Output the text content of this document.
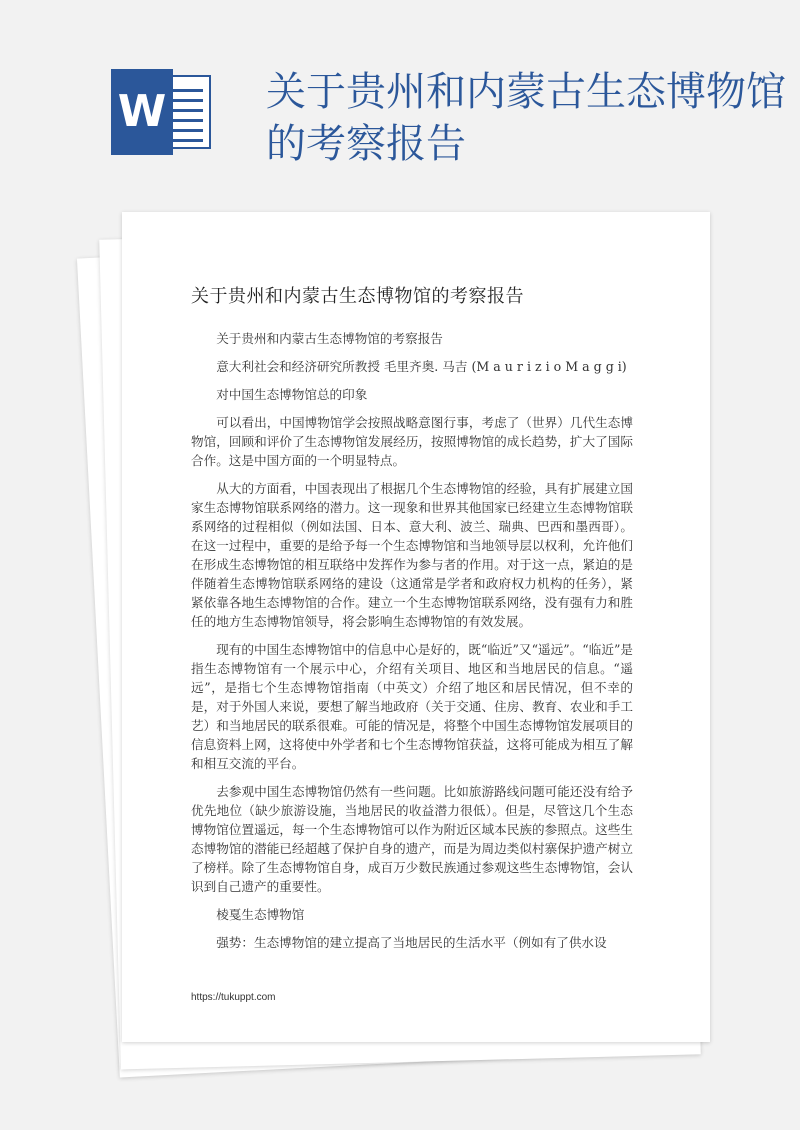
W 关于贵州和内蒙古生态博物馆的考察报告
关于贵州和内蒙古生态博物馆的考察报告

关于贵州和内蒙古生态博物馆的考察报告

意大利社会和经济研究所教授 毛里齐奥. 马吉 (M a u r i z i o M a g g i)

对中国生态博物馆总的印象

可以看出，中国博物馆学会按照战略意图行事，考虑了（世界）几代生态博物馆，回顾和评价了生态博物馆发展经历，按照博物馆的成长趋势，扩大了国际合作。这是中国方面的一个明显特点。

从大的方面看，中国表现出了根据几个生态博物馆的经验，具有扩展建立国家生态博物馆联系网络的潜力。这一现象和世界其他国家已经建立生态博物馆联系网络的过程相似（例如法国、日本、意大利、波兰、瑞典、巴西和墨西哥）。在这一过程中，重要的是给予每一个生态博物馆和当地领导层以权利，允许他们在形成生态博物馆的相互联络中发挥作为参与者的作用。对于这一点，紧迫的是伴随着生态博物馆联系网络的建设（这通常是学者和政府权力机构的任务），紧紧依靠各地生态博物馆的合作。建立一个生态博物馆联系网络，没有强有力和胜任的地方生态博物馆领导，将会影响生态博物馆的有效发展。

现有的中国生态博物馆中的信息中心是好的，既“临近”又“遥远”。“临近”是指生态博物馆有一个展示中心，介绍有关项目、地区和当地居民的信息。“遥远”，是指七个生态博物馆指南（中英文）介绍了地区和居民情况，但不幸的是，对于外国人来说，要想了解当地政府（关于交通、住房、教育、农业和手工艺）和当地居民的联系很难。可能的情况是，将整个中国生态博物馆发展项目的信息资料上网，这将使中外学者和七个生态博物馆获益，这将可能成为相互了解和相互交流的平台。

去参观中国生态博物馆仍然有一些问题。比如旅游路线问题可能还没有给予优先地位（缺少旅游设施，当地居民的收益潜力很低）。但是，尽管这几个生态博物馆位置遥远，每一个生态博物馆可以作为附近区域本民族的参照点。这些生态博物馆的潜能已经超越了保护自身的遗产，而是为周边类似村寨保护遗产树立了榜样。除了生态博物馆自身，成百万少数民族通过参观这些生态博物馆，会认识到自己遗产的重要性。

棱戛生态博物馆

强势：生态博物馆的建立提高了当地居民的生活水平（例如有了供水设

https://tukuppt.com
